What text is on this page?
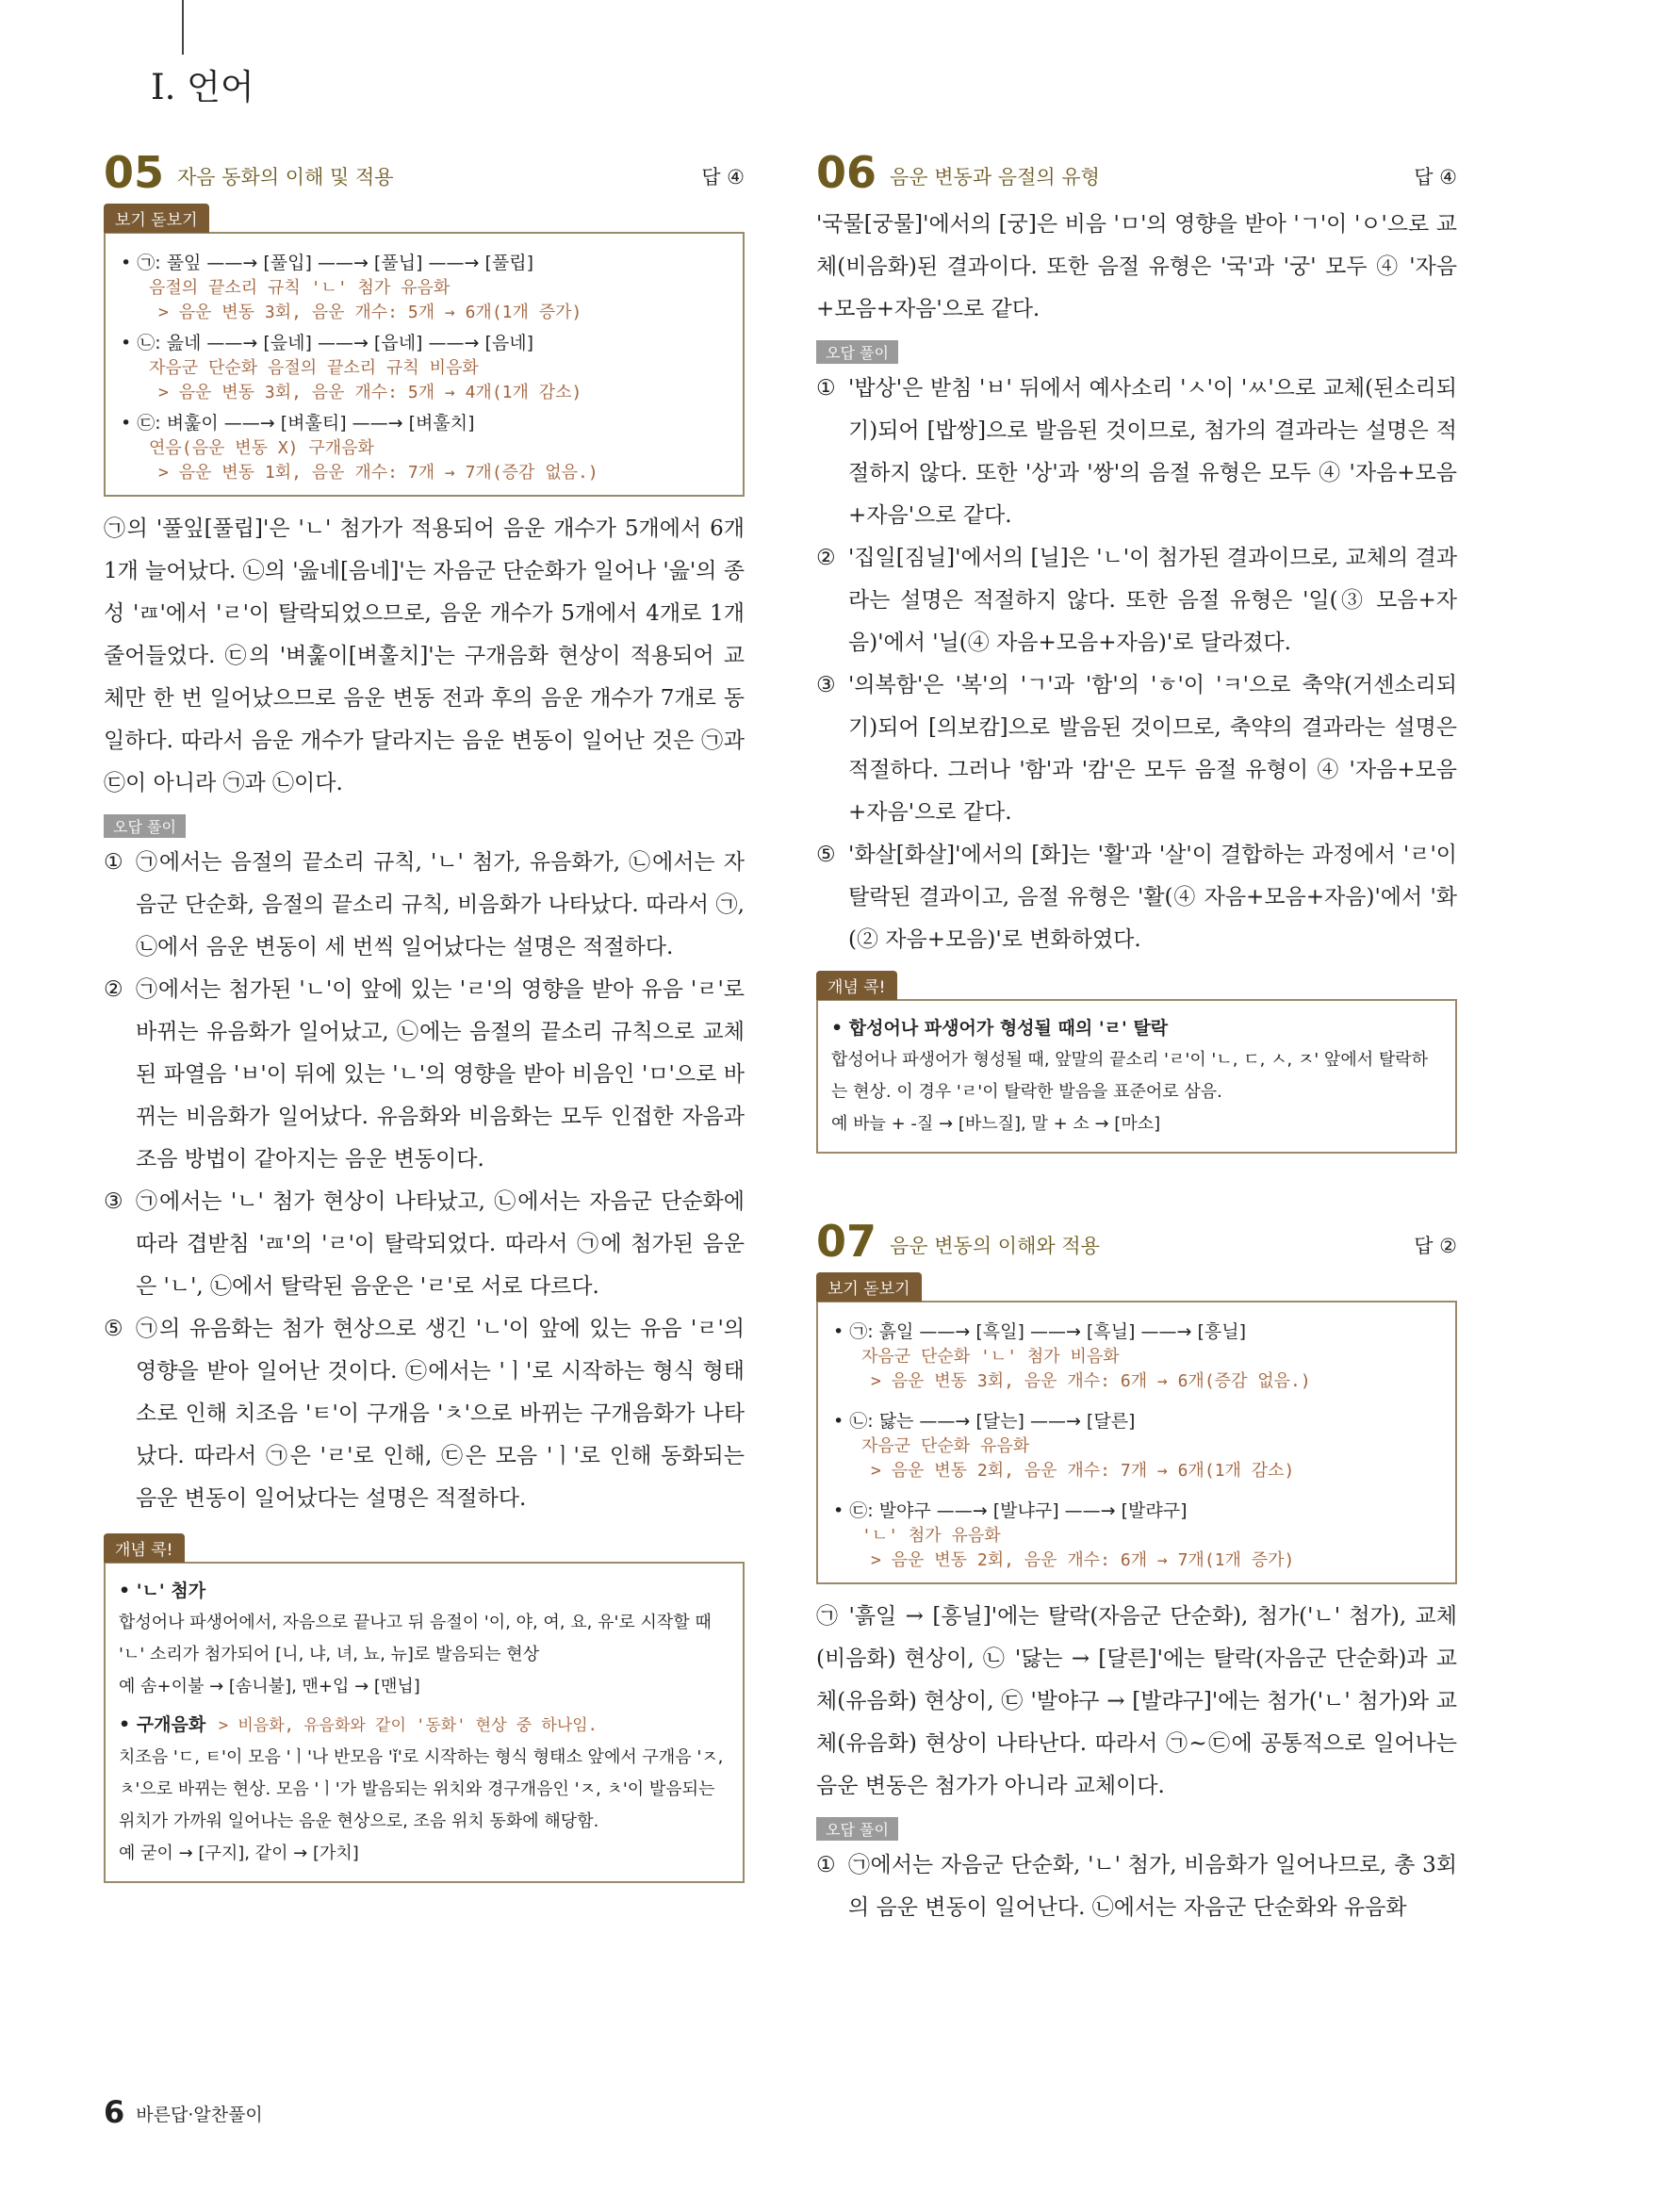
Ⅰ. 언어
05 자음 동화의 이해 및 적용	답 ④
보기 돋보기
• ㉠: 풀잎 ——→ [풀입] ——→ [풀닙] ——→ [풀립]
음절의 끝소리 규칙 'ㄴ' 첨가 유음화
> 음운 변동 3회, 음운 개수: 5개 → 6개(1개 증가)
• ㉡: 읊네 ——→ [읖네] ——→ [읍네] ——→ [음네]
자음군 단순화 음절의 끝소리 규칙 비음화
> 음운 변동 3회, 음운 개수: 5개 → 4개(1개 감소)
• ㉢: 벼훑이 ——→ [벼훌티] ——→ [벼훌치]
연음(음운 변동 X) 구개음화
> 음운 변동 1회, 음운 개수: 7개 → 7개(증감 없음.)
㉠의 '풀잎[풀립]'은 'ㄴ' 첨가가 적용되어 음운 개수가 5개에서 6개 1개 늘어났다. ㉡의 '읊네[음네]'는 자음군 단순화가 일어나 '읊'의 종성 'ㄿ'에서 'ㄹ'이 탈락되었으므로, 음운 개수가 5개에서 4개로 1개 줄어들었다. ㉢의 '벼훑이[벼훌치]'는 구개음화 현상이 적용되어 교체만 한 번 일어났으므로 음운 변동 전과 후의 음운 개수가 7개로 동일하다. 따라서 음운 개수가 달라지는 음운 변동이 일어난 것은 ㉠과 ㉢이 아니라 ㉠과 ㉡이다.
오답 풀이
① ㉠에서는 음절의 끝소리 규칙, 'ㄴ' 첨가, 유음화가, ㉡에서는 자음군 단순화, 음절의 끝소리 규칙, 비음화가 나타났다. 따라서 ㉠, ㉡에서 음운 변동이 세 번씩 일어났다는 설명은 적절하다.
② ㉠에서는 첨가된 'ㄴ'이 앞에 있는 'ㄹ'의 영향을 받아 유음 'ㄹ'로 바뀌는 유음화가 일어났고, ㉡에는 음절의 끝소리 규칙으로 교체된 파열음 'ㅂ'이 뒤에 있는 'ㄴ'의 영향을 받아 비음인 'ㅁ'으로 바뀌는 비음화가 일어났다. 유음화와 비음화는 모두 인접한 자음과 조음 방법이 같아지는 음운 변동이다.
③ ㉠에서는 'ㄴ' 첨가 현상이 나타났고, ㉡에서는 자음군 단순화에 따라 겹받침 'ㄿ'의 'ㄹ'이 탈락되었다. 따라서 ㉠에 첨가된 음운은 'ㄴ', ㉡에서 탈락된 음운은 'ㄹ'로 서로 다르다.
⑤ ㉠의 유음화는 첨가 현상으로 생긴 'ㄴ'이 앞에 있는 유음 'ㄹ'의 영향을 받아 일어난 것이다. ㉢에서는 'ㅣ'로 시작하는 형식 형태소로 인해 치조음 'ㅌ'이 구개음 'ㅊ'으로 바뀌는 구개음화가 나타났다. 따라서 ㉠은 'ㄹ'로 인해, ㉢은 모음 'ㅣ'로 인해 동화되는 음운 변동이 일어났다는 설명은 적절하다.
개념 콕!
• 'ㄴ' 첨가
합성어나 파생어에서, 자음으로 끝나고 뒤 음절이 '이, 야, 여, 요, 유'로 시작할 때 'ㄴ' 소리가 첨가되어 [니, 냐, 녀, 뇨, 뉴]로 발음되는 현상
예 솜+이불 → [솜니불], 맨+입 → [맨닙]
• 구개음화 > 비음화, 유음화와 같이 '동화' 현상 중 하나임.
치조음 'ㄷ, ㅌ'이 모음 'ㅣ'나 반모음 'ǐ'로 시작하는 형식 형태소 앞에서 구개음 'ㅈ, ㅊ'으로 바뀌는 현상. 모음 'ㅣ'가 발음되는 위치와 경구개음인 'ㅈ, ㅊ'이 발음되는 위치가 가까워 일어나는 음운 현상으로, 조음 위치 동화에 해당함.
예 굳이 → [구지], 같이 → [가치]
06 음운 변동과 음절의 유형	답 ④
'국물[궁물]'에서의 [궁]은 비음 'ㅁ'의 영향을 받아 'ㄱ'이 'ㅇ'으로 교체(비음화)된 결과이다. 또한 음절 유형은 '국'과 '궁' 모두 ④ '자음+모음+자음'으로 같다.
오답 풀이
① '밥상'은 받침 'ㅂ' 뒤에서 예사소리 'ㅅ'이 'ㅆ'으로 교체(된소리되기)되어 [밥쌍]으로 발음된 것이므로, 첨가의 결과라는 설명은 적절하지 않다. 또한 '상'과 '쌍'의 음절 유형은 모두 ④ '자음+모음+자음'으로 같다.
② '집일[짐닐]'에서의 [닐]은 'ㄴ'이 첨가된 결과이므로, 교체의 결과라는 설명은 적절하지 않다. 또한 음절 유형은 '일(③ 모음+자음)'에서 '닐(④ 자음+모음+자음)'로 달라졌다.
③ '의복함'은 '복'의 'ㄱ'과 '함'의 'ㅎ'이 'ㅋ'으로 축약(거센소리되기)되어 [의보캄]으로 발음된 것이므로, 축약의 결과라는 설명은 적절하다. 그러나 '함'과 '캄'은 모두 음절 유형이 ④ '자음+모음+자음'으로 같다.
⑤ '화살[화살]'에서의 [화]는 '활'과 '살'이 결합하는 과정에서 'ㄹ'이 탈락된 결과이고, 음절 유형은 '활(④ 자음+모음+자음)'에서 '화(② 자음+모음)'로 변화하였다.
개념 콕!
• 합성어나 파생어가 형성될 때의 'ㄹ' 탈락
합성어나 파생어가 형성될 때, 앞말의 끝소리 'ㄹ'이 'ㄴ, ㄷ, ㅅ, ㅈ' 앞에서 탈락하는 현상. 이 경우 'ㄹ'이 탈락한 발음을 표준어로 삼음.
예 바늘 + -질 → [바느질], 말 + 소 → [마소]
07 음운 변동의 이해와 적용	답 ②
보기 돋보기
• ㉠: 흙일 ——→ [흑일] ——→ [흑닐] ——→ [흥닐]
자음군 단순화 'ㄴ' 첨가 비음화
> 음운 변동 3회, 음운 개수: 6개 → 6개(증감 없음.)
• ㉡: 닳는 ——→ [달는] ——→ [달른]
자음군 단순화 유음화
> 음운 변동 2회, 음운 개수: 7개 → 6개(1개 감소)
• ㉢: 발야구 ——→ [발냐구] ——→ [발랴구]
'ㄴ' 첨가 유음화
> 음운 변동 2회, 음운 개수: 6개 → 7개(1개 증가)
㉠ '흙일 → [흥닐]'에는 탈락(자음군 단순화), 첨가('ㄴ' 첨가), 교체(비음화) 현상이, ㉡ '닳는 → [달른]'에는 탈락(자음군 단순화)과 교체(유음화) 현상이, ㉢ '발야구 → [발랴구]'에는 첨가('ㄴ' 첨가)와 교체(유음화) 현상이 나타난다. 따라서 ㉠~㉢에 공통적으로 일어나는 음운 변동은 첨가가 아니라 교체이다.
오답 풀이
① ㉠에서는 자음군 단순화, 'ㄴ' 첨가, 비음화가 일어나므로, 총 3회의 음운 변동이 일어난다. ㉡에서는 자음군 단순화와 유음화
6 바른답·알찬풀이
